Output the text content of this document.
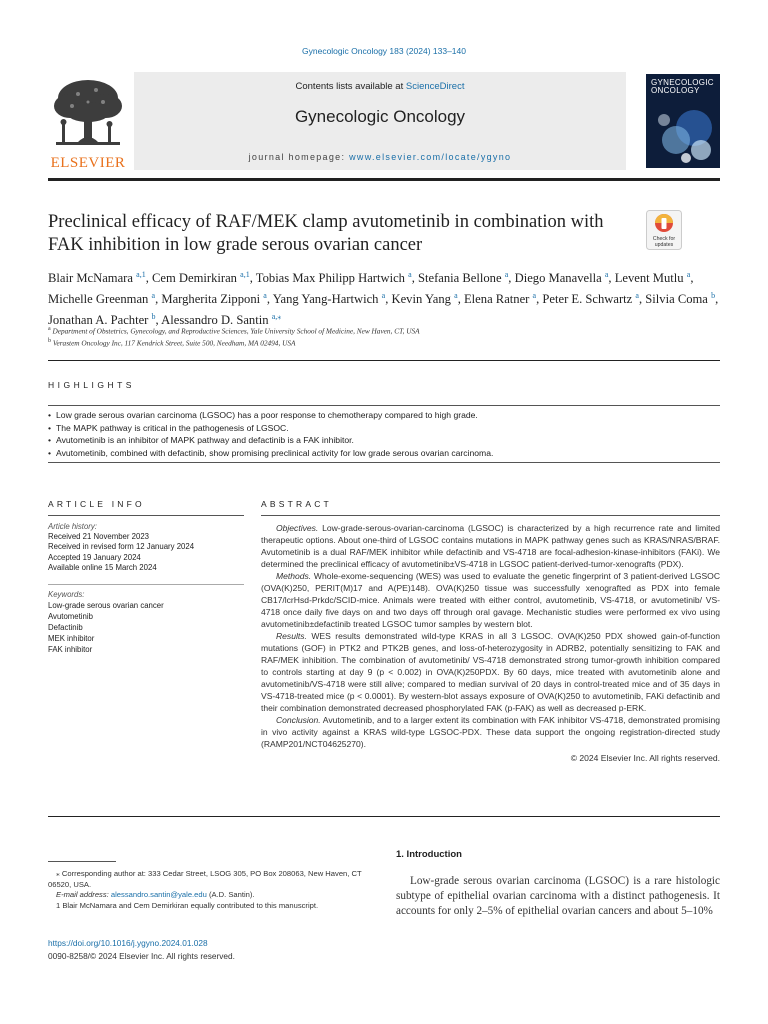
Gynecologic Oncology 183 (2024) 133–140
ELSEVIER
Contents lists available at ScienceDirect
Gynecologic Oncology
journal homepage: www.elsevier.com/locate/ygyno
GYNECOLOGIC
ONCOLOGY
Preclinical efficacy of RAF/MEK clamp avutometinib in combination with FAK inhibition in low grade serous ovarian cancer	Check for
updates
Blair McNamara $^{a,1}$, Cem Demirkiran $^{a,1}$, Tobias Max Philipp Hartwich $^a$, Stefania Bellone $^a$, Diego Manavella $^a$, Levent Mutlu $^a$, Michelle Greenman $^a$, Margherita Zipponi $^a$, Yang Yang-Hartwich $^a$, Kevin Yang $^a$, Elena Ratner $^a$, Peter E. Schwartz $^a$, Silvia Coma $^b$, Jonathan A. Pachter $^b$, Alessandro D. Santin $^{a,⁎}$
$^a$ Department of Obstetrics, Gynecology, and Reproductive Sciences, Yale University School of Medicine, New Haven, CT, USA
$^b$ Verastem Oncology Inc, 117 Kendrick Street, Suite 500, Needham, MA 02494, USA
HIGHLIGHTS
• Low grade serous ovarian carcinoma (LGSOC) has a poor response to chemotherapy compared to high grade.
• The MAPK pathway is critical in the pathogenesis of LGSOC.
• Avutometinib is an inhibitor of MAPK pathway and defactinib is a FAK inhibitor.
• Avutometinib, combined with defactinib, show promising preclinical activity for low grade serous ovarian carcinoma.
ARTICLE INFO	ABSTRACT
Article history:
Received 21 November 2023
Received in revised form 12 January 2024
Accepted 19 January 2024
Available online 15 March 2024
Keywords:
Low-grade serous ovarian cancer
Avutometinib
Defactinib
MEK inhibitor
FAK inhibitor

Objectives. Low-grade-serous-ovarian-carcinoma (LGSOC) is characterized by a high recurrence rate and limited therapeutic options. About one-third of LGSOC contains mutations in MAPK pathway genes such as KRAS/NRAS/BRAF. Avutometinib is a dual RAF/MEK inhibitor while defactinib and VS-4718 are focal-adhesion-kinase-inhibitors (FAKi). We determined the preclinical efficacy of avutometinib±VS-4718 in LGSOC patient-derived-tumor-xenografts (PDX).

Methods. Whole-exome-sequencing (WES) was used to evaluate the genetic fingerprint of 3 patient-derived LGSOC (OVA(K)250, PERIT(M)17 and A(PE)148). OVA(K)250 tissue was successfully xenografted as PDX into female CB17/lcrHsd-Prkdc/SCID-mice. Animals were treated with either control, avutometinib, VS-4718, or avutometinib/ VS-4718 once daily five days on and two days off through oral gavage. Mechanistic studies were performed ex vivo using avutometinib±defactinib treated LGSOC tumor samples by western blot.

Results. WES results demonstrated wild-type KRAS in all 3 LGSOC. OVA(K)250 PDX showed gain-of-function mutations (GOF) in PTK2 and PTK2B genes, and loss-of-heterozygosity in ADRB2, potentially sensitizing to FAK and RAF/MEK inhibition. The combination of avutometinib/ VS-4718 demonstrated strong tumor-growth inhibition compared to controls starting at day 9 (p < 0.002) in OVA(K)250PDX. By 60 days, mice treated with avutometinib alone and avutometinib/VS-4718 were still alive; compared to median survival of 20 days in control-treated mice and of 35 days in VS-4718-treated mice (p < 0.0001). By western-blot assays exposure of OVA(K)250 to avutometinib, FAKi defactinib and their combination demonstrated decreased phosphorylated FAK (p-FAK) as well as decreased p-ERK.

Conclusion. Avutometinib, and to a larger extent its combination with FAK inhibitor VS-4718, demonstrated promising in vivo activity against a KRAS wild-type LGSOC-PDX. These data support the ongoing registration-directed study (RAMP201/NCT04625270).

© 2024 Elsevier Inc. All rights reserved.

⁎ Corresponding author at: 333 Cedar Street, LSOG 305, PO Box 208063, New Haven, CT 06520, USA.

E-mail address: alessandro.santin@yale.edu (A.D. Santin).

1 Blair McNamara and Cem Demirkiran equally contributed to this manuscript.

1. Introduction
Low-grade serous ovarian carcinoma (LGSOC) is a rare histologic subtype of epithelial ovarian carcinoma with a distinct pathogenesis. It accounts for only 2–5% of epithelial ovarian cancers and about 5–10%
https://doi.org/10.1016/j.ygyno.2024.01.028
0090-8258/© 2024 Elsevier Inc. All rights reserved.
